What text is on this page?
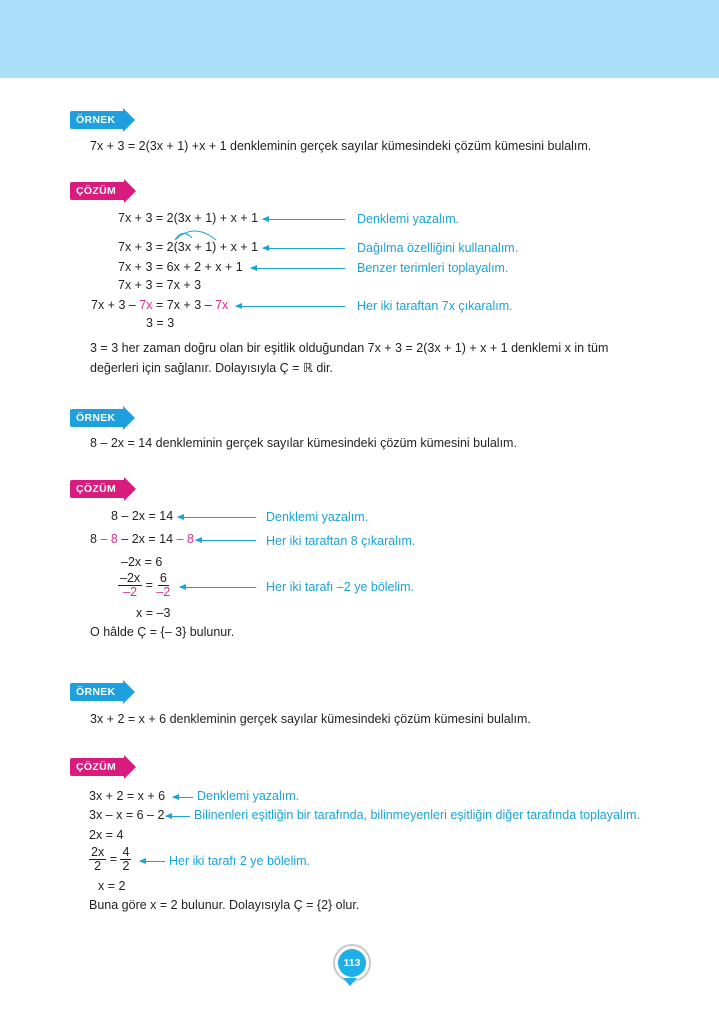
ÖRNEK
7x + 3 = 2(3x + 1) +x + 1 denkleminin gerçek sayılar kümesindeki çözüm kümesini bulalım.
ÇÖZÜM
7x + 3 = 2(3x + 1) + x + 1	Denklemi yazalım.
7x + 3 = 2(3x + 1) + x + 1	Dağılma özelliğini kullanalım.
7x + 3 = 6x + 2 + x + 1	Benzer terimleri toplayalım.
7x + 3 = 7x + 3
7x + 3 – 7x = 7x + 3 – 7x	Her iki taraftan 7x çıkaralım.
3 = 3
3 = 3 her zaman doğru olan bir eşitlik olduğundan 7x + 3 = 2(3x + 1) + x + 1 denklemi x in tüm
değerleri için sağlanır. Dolayısıyla Ç = ℝ dir.
ÖRNEK
8 – 2x = 14 denkleminin gerçek sayılar kümesindeki çözüm kümesini bulalım.
ÇÖZÜM
8 – 2x = 14	Denklemi yazalım.
8 – 8 – 2x = 14 – 8	Her iki taraftan 8 çıkaralım.
–2x = 6
$\frac{-2x}{-2} = \frac{6}{-2}$	Her iki tarafı –2 ye bölelim.
x = –3
O hâlde Ç = {– 3} bulunur.
ÖRNEK
3x + 2 = x + 6 denkleminin gerçek sayılar kümesindeki çözüm kümesini bulalım.
ÇÖZÜM
3x + 2 = x + 6	Denklemi yazalım.
3x – x = 6 – 2 Bilinenleri eşitliğin bir tarafında, bilinmeyenleri eşitliğin diğer tarafında toplayalım.
2x = 4
$\frac{2x}{2} = \frac{4}{2}$	Her iki tarafı 2 ye bölelim.
x = 2
Buna göre x = 2 bulunur. Dolayısıyla Ç = {2} olur.
113
